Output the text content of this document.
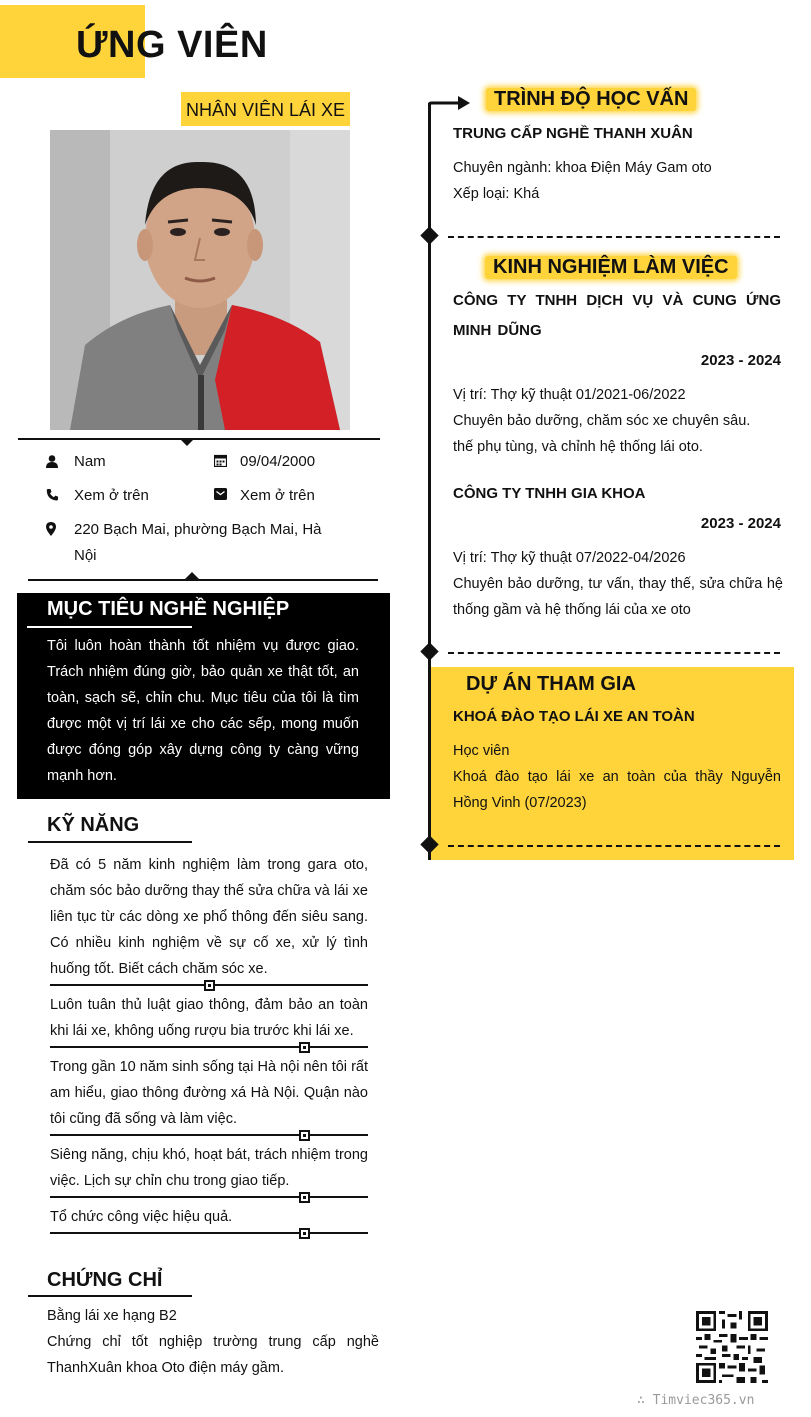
ỨNG VIÊN
NHÂN VIÊN LÁI XE
Nam	09/04/2000
Xem ở trên	Xem ở trên
220 Bạch Mai, phường Bạch Mai, Hà Nội
MỤC TIÊU NGHỀ NGHIỆP
Tôi luôn hoàn thành tốt nhiệm vụ được giao. Trách nhiệm đúng giờ, bảo quản xe thật tốt, an toàn, sạch sẽ, chỉn chu. Mục tiêu của tôi là tìm được một vị trí lái xe cho các sếp, mong muốn được đóng góp xây dựng công ty càng vững mạnh hơn.
KỸ NĂNG
Đã có 5 năm kinh nghiệm làm trong gara oto, chăm sóc bảo dưỡng thay thế sửa chữa và lái xe liên tục từ các dòng xe phổ thông đến siêu sang. Có nhiều kinh nghiệm về sự cố xe, xử lý tình huống tốt. Biết cách chăm sóc xe.
Luôn tuân thủ luật giao thông, đảm bảo an toàn khi lái xe, không uống rượu bia trước khi lái xe.
Trong gần 10 năm sinh sống tại Hà nội nên tôi rất am hiểu, giao thông đường xá Hà Nội. Quận nào tôi cũng đã sống và làm việc.
Siêng năng, chịu khó, hoạt bát, trách nhiệm trong việc. Lịch sự chỉn chu trong giao tiếp.
Tổ chức công việc hiệu quả.
CHỨNG CHỈ
Bằng lái xe hạng B2
Chứng chỉ tốt nghiệp trường trung cấp nghề ThanhXuân khoa Oto điện máy gầm.
TRÌNH ĐỘ HỌC VẤN
TRUNG CẤP NGHỀ THANH XUÂN
Chuyên ngành: khoa Điện Máy Gam oto
Xếp loại: Khá
KINH NGHIỆM LÀM VIỆC
CÔNG TY TNHH DỊCH VỤ VÀ CUNG ỨNG MINH DŨNG
2023 - 2024
Vị trí: Thợ kỹ thuật 01/2021-06/2022
Chuyên bảo dưỡng, chăm sóc xe chuyên sâu.
thế phụ tùng, và chỉnh hệ thống lái oto.
CÔNG TY TNHH GIA KHOA
2023 - 2024
Vị trí: Thợ kỹ thuật 07/2022-04/2026
Chuyên bảo dưỡng, tư vấn, thay thế, sửa chữa hệ thống gầm và hệ thống lái của xe oto
DỰ ÁN THAM GIA
KHOÁ ĐÀO TẠO LÁI XE AN TOÀN
Học viên
Khoá đào tạo lái xe an toàn của thầy Nguyễn Hồng Vinh (07/2023)
∴ Timviec365.vn
